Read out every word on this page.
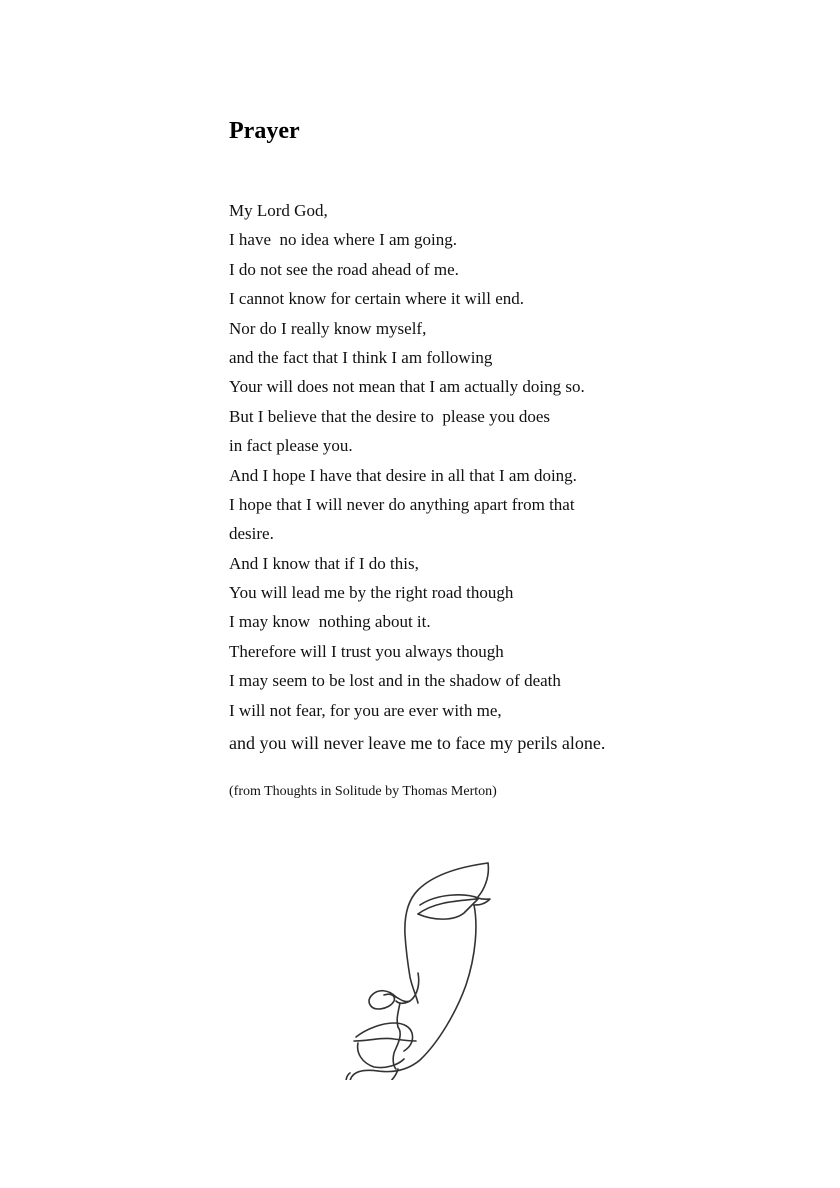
Prayer
My Lord God,
I have  no idea where I am going.
I do not see the road ahead of me.
I cannot know for certain where it will end.
Nor do I really know myself,
and the fact that I think I am following
Your will does not mean that I am actually doing so.
But I believe that the desire to  please you does
in fact please you.
And I hope I have that desire in all that I am doing.
I hope that I will never do anything apart from that
desire.
And I know that if I do this,
You will lead me by the right road though
I may know  nothing about it.
Therefore will I trust you always though
I may seem to be lost and in the shadow of death
I will not fear, for you are ever with me,
and you will never leave me to face my perils alone.

(from Thoughts in Solitude by Thomas Merton)
